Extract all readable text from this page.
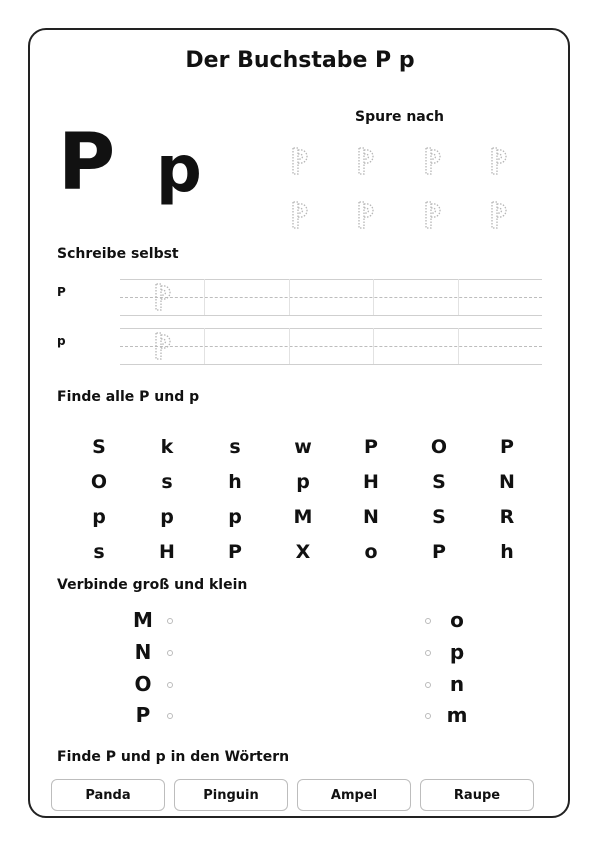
Der Buchstabe P p
P p
Spure nach
Schreibe selbst
P
p
Finde alle P und p
S	k	s	w	P	O	P
O	s	h	p	H	S	N
p	p	p	M	N	S	R
s	H	P	X	o	P	h
Verbinde groß und klein
M
N
O
P
o
p
n
m
Finde P und p in den Wörtern
Panda	Pinguin	Ampel	Raupe
